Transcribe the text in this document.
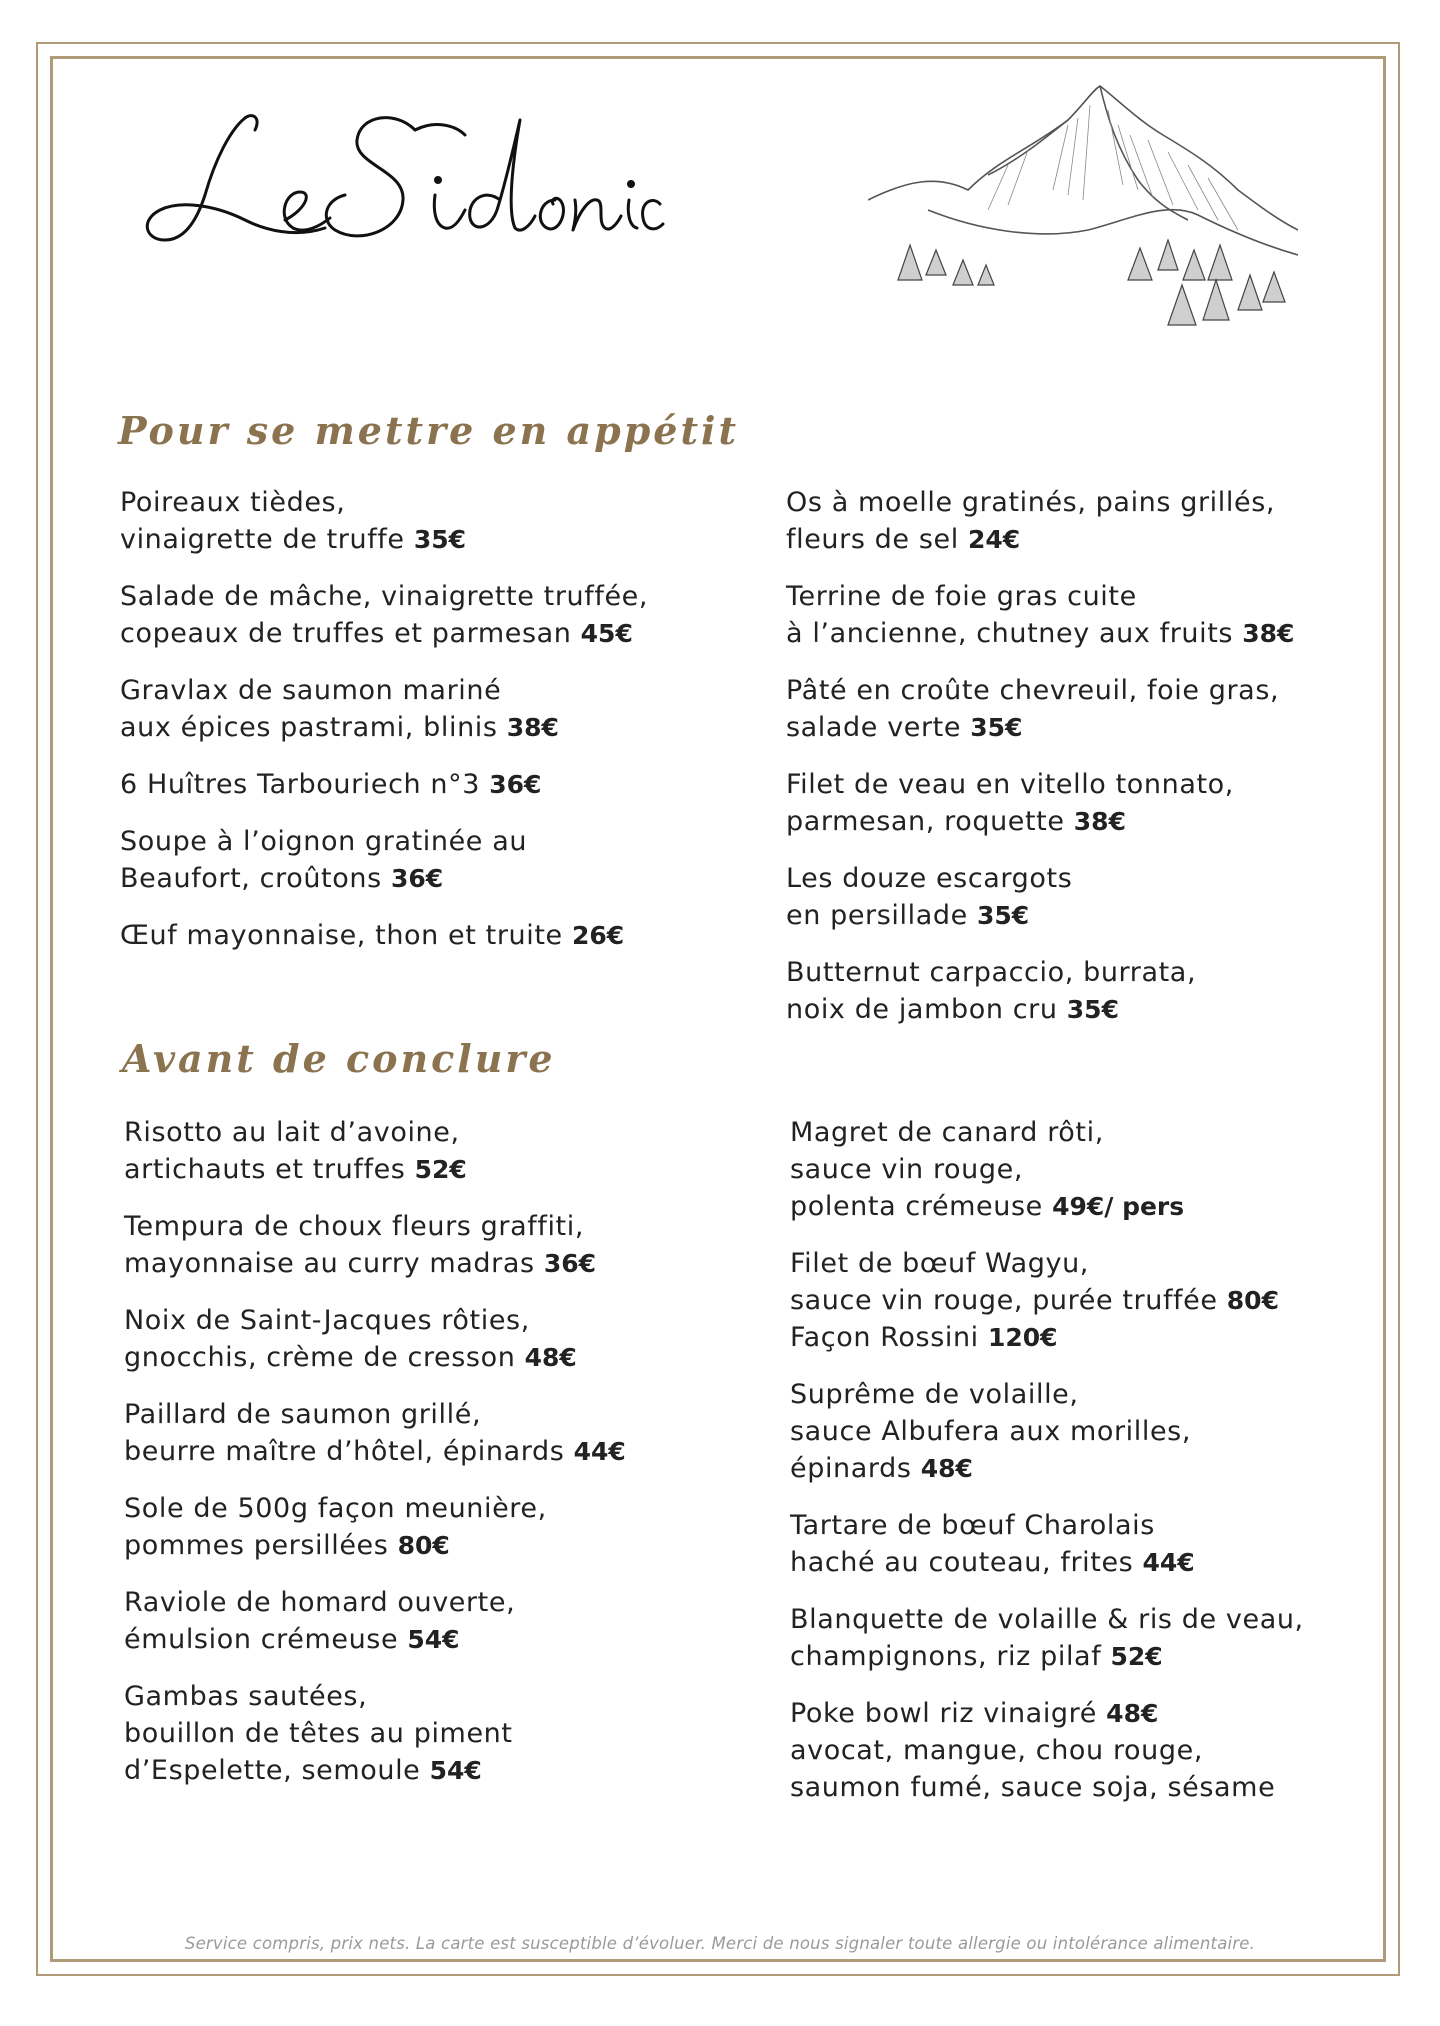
Pour se mettre en appétit

Poireaux tièdes,
vinaigrette de truffe 35€

Salade de mâche, vinaigrette truffée,
copeaux de truffes et parmesan 45€

Gravlax de saumon mariné
aux épices pastrami, blinis 38€

6 Huîtres Tarbouriech n°3 36€

Soupe à l’oignon gratinée au
Beaufort, croûtons 36€

Œuf mayonnaise, thon et truite 26€

Os à moelle gratinés, pains grillés,
fleurs de sel 24€

Terrine de foie gras cuite
à l’ancienne, chutney aux fruits 38€

Pâté en croûte chevreuil, foie gras,
salade verte 35€

Filet de veau en vitello tonnato,
parmesan, roquette 38€

Les douze escargots
en persillade 35€

Butternut carpaccio, burrata,
noix de jambon cru 35€

Avant de conclure

Risotto au lait d’avoine,
artichauts et truffes 52€

Tempura de choux fleurs graffiti,
mayonnaise au curry madras 36€

Noix de Saint-Jacques rôties,
gnocchis, crème de cresson 48€

Paillard de saumon grillé,
beurre maître d’hôtel, épinards 44€

Sole de 500g façon meunière,
pommes persillées 80€

Raviole de homard ouverte,
émulsion crémeuse 54€

Gambas sautées,
bouillon de têtes au piment
d’Espelette, semoule 54€

Magret de canard rôti,
sauce vin rouge,
polenta crémeuse 49€/ pers

Filet de bœuf Wagyu,
sauce vin rouge, purée truffée 80€
Façon Rossini 120€

Suprême de volaille,
sauce Albufera aux morilles,
épinards 48€

Tartare de bœuf Charolais
haché au couteau, frites 44€

Blanquette de volaille & ris de veau,
champignons, riz pilaf 52€

Poke bowl riz vinaigré 48€
avocat, mangue, chou rouge,
saumon fumé, sauce soja, sésame

Service compris, prix nets. La carte est susceptible d’évoluer. Merci de nous signaler toute allergie ou intolérance alimentaire.
